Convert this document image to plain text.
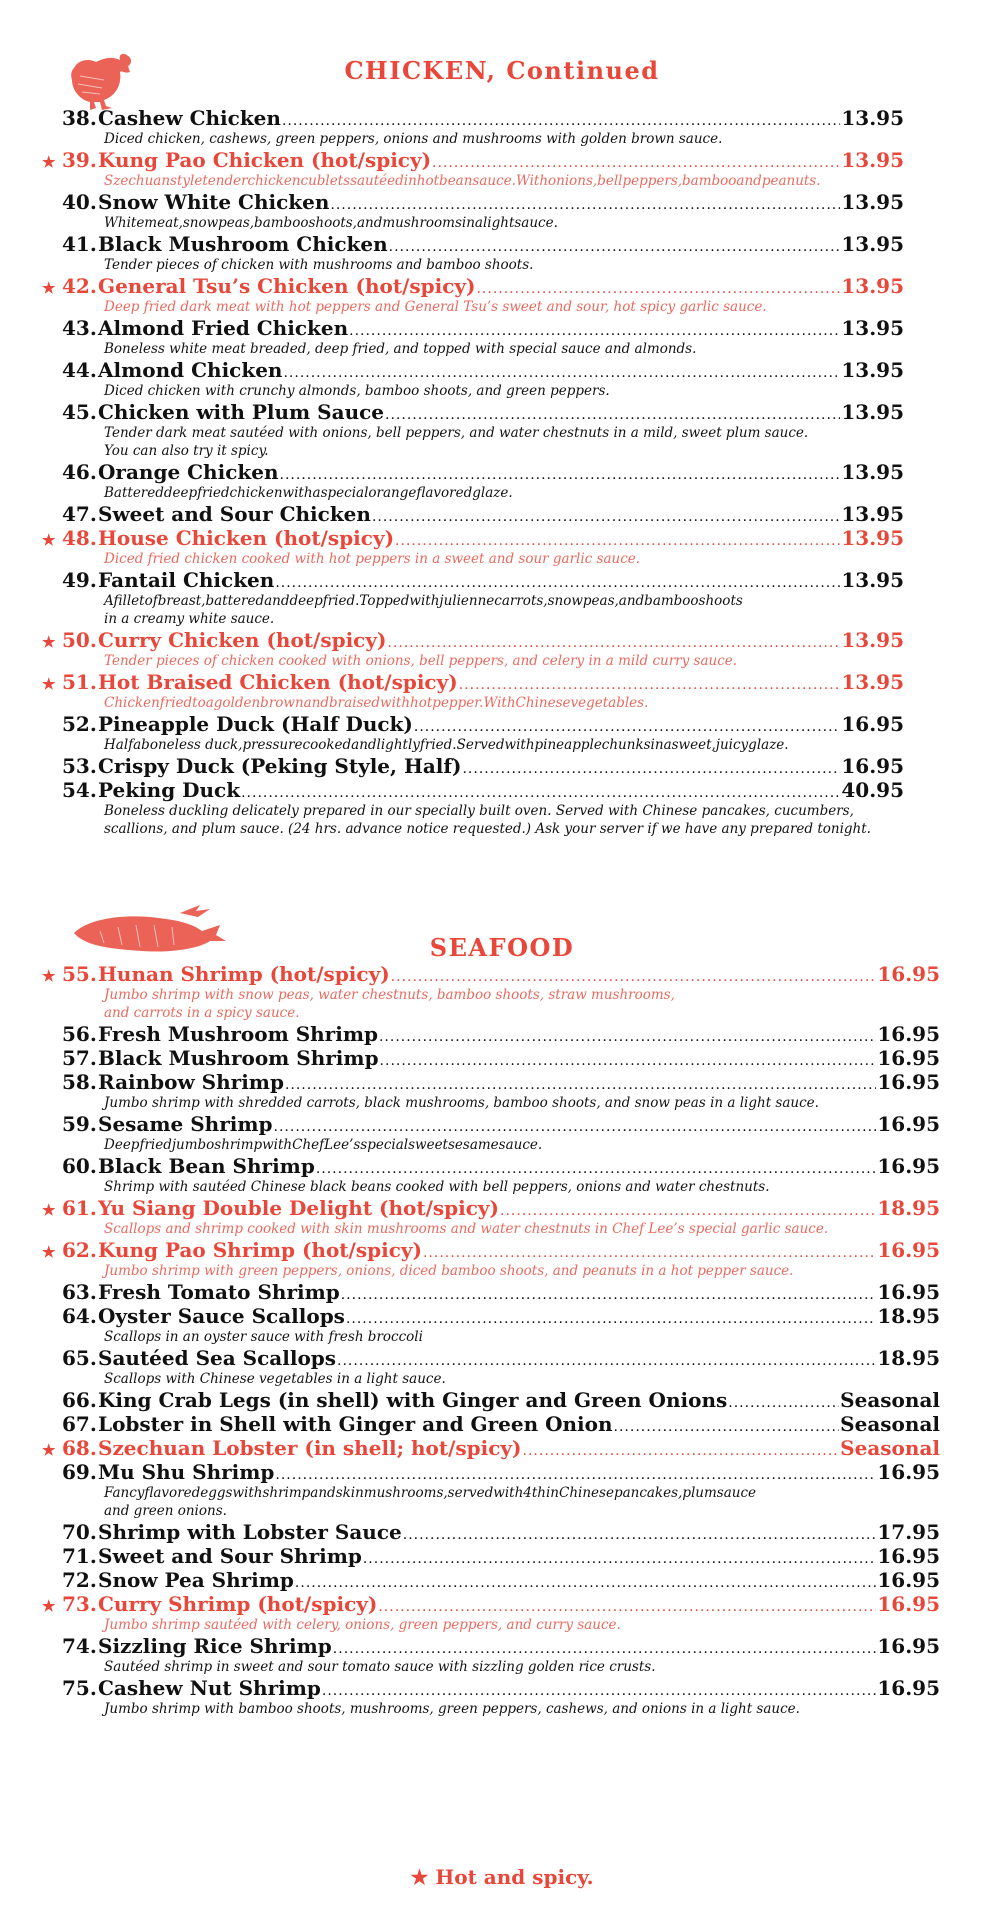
CHICKEN, Continued
38. Cashew Chicken .....	13.95
Diced chicken, cashews, green peppers, onions and mushrooms with golden brown sauce.
★ 39. Kung Pao Chicken (hot/spicy) .....	13.95
Szechuanstyletenderchickencubletssautéedinhotbeansauce.Withonions,bellpeppers,bambooandpeanuts.
40. Snow White Chicken .....	13.95
Whitemeat,snowpeas,bambooshoots,andmushroomsinalightsauce.
41. Black Mushroom Chicken .....	13.95
Tender pieces of chicken with mushrooms and bamboo shoots.
★ 42. General Tsu’s Chicken (hot/spicy) .....	13.95
Deep fried dark meat with hot peppers and General Tsu’s sweet and sour, hot spicy garlic sauce.
43. Almond Fried Chicken .....	13.95
Boneless white meat breaded, deep fried, and topped with special sauce and almonds.
44. Almond Chicken .....	13.95
Diced chicken with crunchy almonds, bamboo shoots, and green peppers.
45. Chicken with Plum Sauce .....	13.95
Tender dark meat sautéed with onions, bell peppers, and water chestnuts in a mild, sweet plum sauce.
You can also try it spicy.
46. Orange Chicken .....	13.95
Battereddeepfriedchickenwithaspecialorangeflavoredglaze.
47. Sweet and Sour Chicken .....	13.95
★ 48. House Chicken (hot/spicy) .....	13.95
Diced fried chicken cooked with hot peppers in a sweet and sour garlic sauce.
49. Fantail Chicken .....	13.95
Afilletofbreast,batteredanddeepfried.Toppedwithjuliennecarrots,snowpeas,andbambooshoots
in a creamy white sauce.
★ 50. Curry Chicken (hot/spicy) .....	13.95
Tender pieces of chicken cooked with onions, bell peppers, and celery in a mild curry sauce.
★ 51. Hot Braised Chicken (hot/spicy) .....	13.95
Chickenfriedtoagoldenbrownandbraisedwithhotpepper.WithChinesevegetables.
52. Pineapple Duck (Half Duck) .....	16.95
Halfaboneless duck,pressurecookedandlightlyfried.Servedwithpineapplechunksinasweet,juicyglaze.
53. Crispy Duck (Peking Style, Half) .....	16.95
54. Peking Duck .....	40.95
Boneless duckling delicately prepared in our specially built oven. Served with Chinese pancakes, cucumbers,
scallions, and plum sauce. (24 hrs. advance notice requested.) Ask your server if we have any prepared tonight.
SEAFOOD
★ 55. Hunan Shrimp (hot/spicy) .....	16.95
Jumbo shrimp with snow peas, water chestnuts, bamboo shoots, straw mushrooms,
and carrots in a spicy sauce.
56. Fresh Mushroom Shrimp .....	16.95
57. Black Mushroom Shrimp .....	16.95
58. Rainbow Shrimp .....	16.95
Jumbo shrimp with shredded carrots, black mushrooms, bamboo shoots, and snow peas in a light sauce.
59. Sesame Shrimp .....	16.95
DeepfriedjumboshrimpwithChefLee’sspecialsweetsesamesauce.
60. Black Bean Shrimp .....	16.95
Shrimp with sautéed Chinese black beans cooked with bell peppers, onions and water chestnuts.
★ 61. Yu Siang Double Delight (hot/spicy) .....	18.95
Scallops and shrimp cooked with skin mushrooms and water chestnuts in Chef Lee’s special garlic sauce.
★ 62. Kung Pao Shrimp (hot/spicy) .....	16.95
Jumbo shrimp with green peppers, onions, diced bamboo shoots, and peanuts in a hot pepper sauce.
63. Fresh Tomato Shrimp .....	16.95
64. Oyster Sauce Scallops .....	18.95
Scallops in an oyster sauce with fresh broccoli
65. Sautéed Sea Scallops .....	18.95
Scallops with Chinese vegetables in a light sauce.
66. King Crab Legs (in shell) with Ginger and Green Onions .....	Seasonal
67. Lobster in Shell with Ginger and Green Onion .....	Seasonal
★ 68. Szechuan Lobster (in shell; hot/spicy) .....	Seasonal
69. Mu Shu Shrimp .....	16.95
Fancyflavoredeggswithshrimpandskinmushrooms,servedwith4thinChinesepancakes,plumsauce
and green onions.
70. Shrimp with Lobster Sauce .....	17.95
71. Sweet and Sour Shrimp .....	16.95
72. Snow Pea Shrimp .....	16.95
★ 73. Curry Shrimp (hot/spicy) .....	16.95
Jumbo shrimp sautéed with celery, onions, green peppers, and curry sauce.
74. Sizzling Rice Shrimp .....	16.95
Sautéed shrimp in sweet and sour tomato sauce with sizzling golden rice crusts.
75. Cashew Nut Shrimp .....	16.95
Jumbo shrimp with bamboo shoots, mushrooms, green peppers, cashews, and onions in a light sauce.
★ Hot and spicy.
